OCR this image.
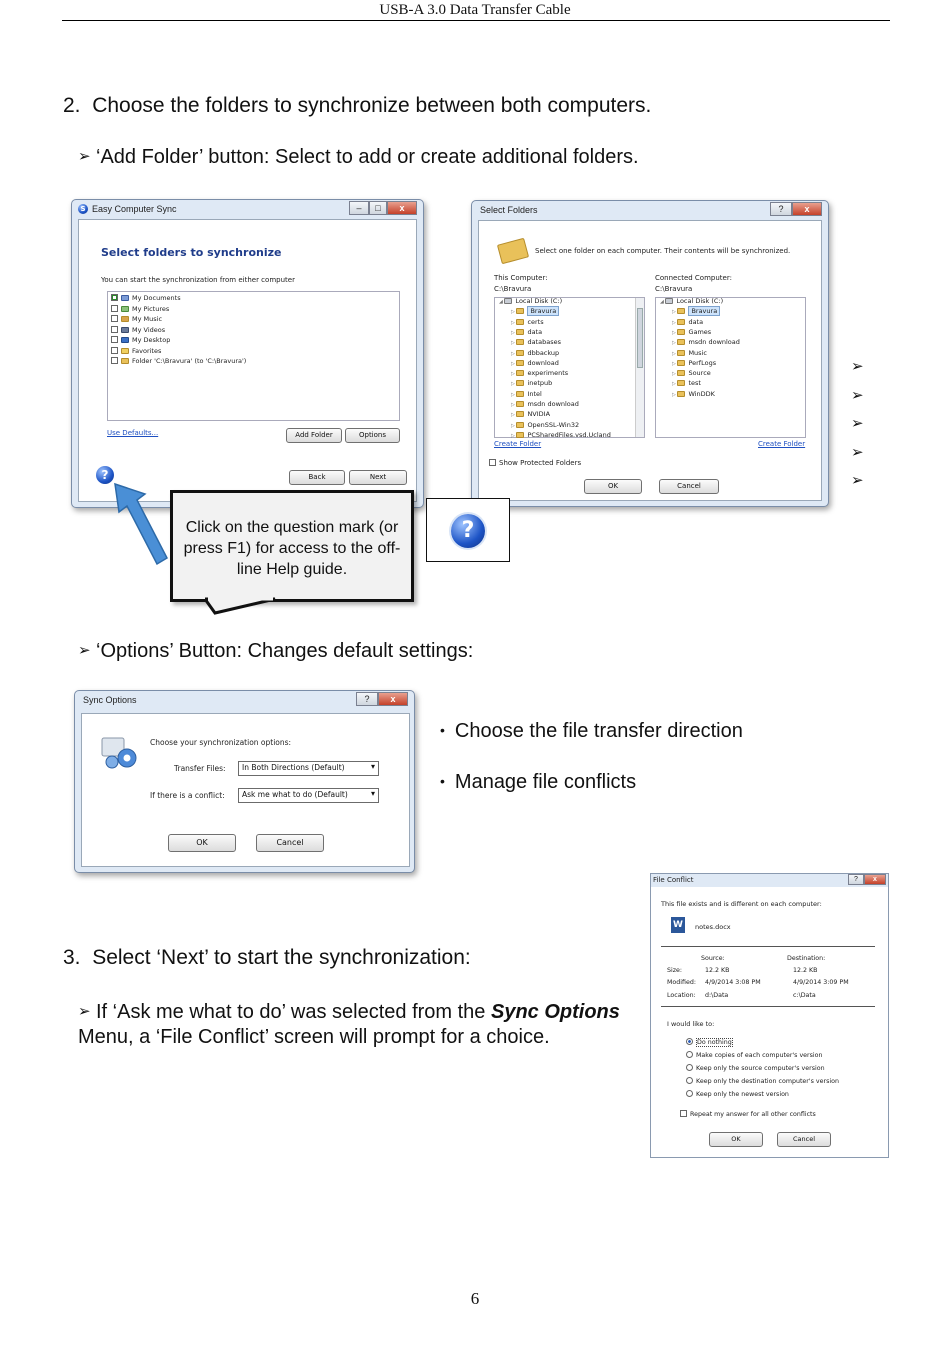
USB-A 3.0 Data Transfer Cable
2. Choose the folders to synchronize between both computers.
➢ ‘Add Folder’ button: Select to add or create additional folders.
S Easy Computer Sync	–	□	x
Select folders to synchronize
You can start the synchronization from either computer
My Documents
My Pictures
My Music
My Videos
My Desktop
Favorites
Folder 'C:\Bravura' (to 'C:\Bravura')
Use Defaults...	Add Folder	Options
?	Back	Next
Select Folders	?	x
Select one folder on each computer. Their contents will be synchronized.
This Computer:
C:\Bravura
Connected Computer:
C:\Bravura
Create Folder	Create Folder
Show Protected Folders
OK	Cancel
◢ Local Disk (C:)
▷ Bravura
▷ certs
▷ data
▷ databases
▷ dbbackup
▷ download
▷ experiments
▷ inetpub
▷ Intel
▷ msdn download
▷ NVIDIA
▷ OpenSSL-Win32
▷ PCSharedFiles.vsd.Ucland
◢ Local Disk (C:)
▷ Bravura
▷ data
▷ Games
▷ msdn download
▷ Music
▷ PerfLogs
▷ Source
▷ test
▷ WinDDK
➢
➢
➢
➢
➢
Click on the question mark (or press F1) for access to the off-line Help guide.
?
➢ ‘Options’ Button: Changes default settings:
Sync Options	?	x
Choose your synchronization options:
Transfer Files:	In Both Directions (Default) ▾
If there is a conflict:	Ask me what to do (Default) ▾
OK	Cancel
• Choose the file transfer direction
• Manage file conflicts
3. Select ‘Next’ to start the synchronization:
➢ If ‘Ask me what to do’ was selected from the Sync Options Menu, a ‘File Conflict’ screen will prompt for a choice.
File Conflict	?	x
This file exists and is different on each computer:
W	notes.docx
Source:	Destination:
Size:	12.2 KB	12.2 KB
Modified: 4/9/2014 3:08 PM	4/9/2014 3:09 PM
Location: d:\Data	c:\Data
I would like to:
Do nothing
Make copies of each computer's version
Keep only the source computer's version
Keep only the destination computer's version
Keep only the newest version
Repeat my answer for all other conflicts
OK	Cancel
6
